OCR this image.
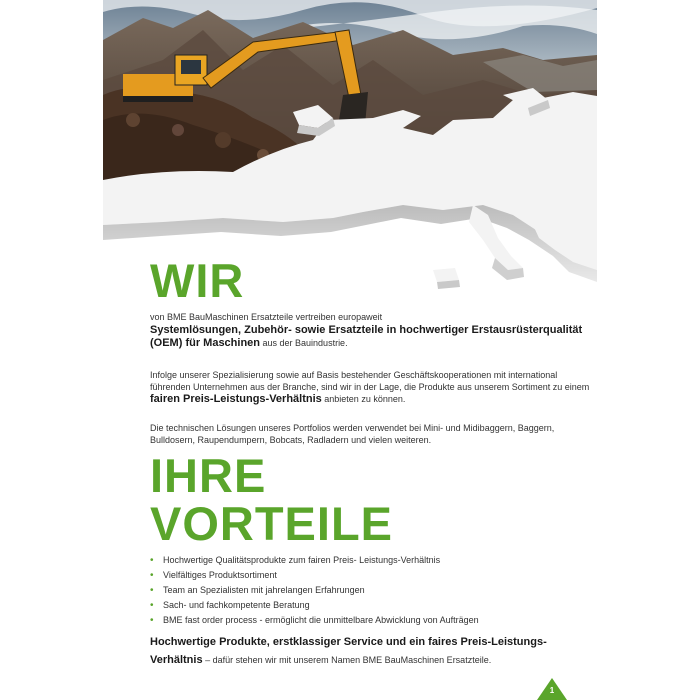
WIR
von BME BauMaschinen Ersatzteile vertreiben europaweit
Systemlösungen, Zubehör- sowie Ersatzteile in hochwertiger Erstausrüsterqualität (OEM) für Maschinen aus der Bauindustrie.

Infolge unserer Spezialisierung sowie auf Basis bestehender Geschäftskooperationen mit international führenden Unternehmen aus der Branche, sind wir in der Lage, die Produkte aus unserem Sortiment zu einem fairen Preis-Leistungs-Verhältnis anbieten zu können.

Die technischen Lösungen unseres Portfolios werden verwendet bei Mini- und Midibaggern, Baggern, Bulldosern, Raupendumpern, Bobcats, Radladern und vielen weiteren.

IHRE
VORTEILE
• Hochwertige Qualitätsprodukte zum fairen Preis- Leistungs-Verhältnis
• Vielfältiges Produktsortiment
• Team an Spezialisten mit jahrelangen Erfahrungen
• Sach- und fachkompetente Beratung
• BME fast order process - ermöglicht die unmittelbare Abwicklung von Aufträgen
Hochwertige Produkte, erstklassiger Service und ein faires Preis-Leistungs-Verhältnis – dafür stehen wir mit unserem Namen BME BauMaschinen Ersatzteile.
1
